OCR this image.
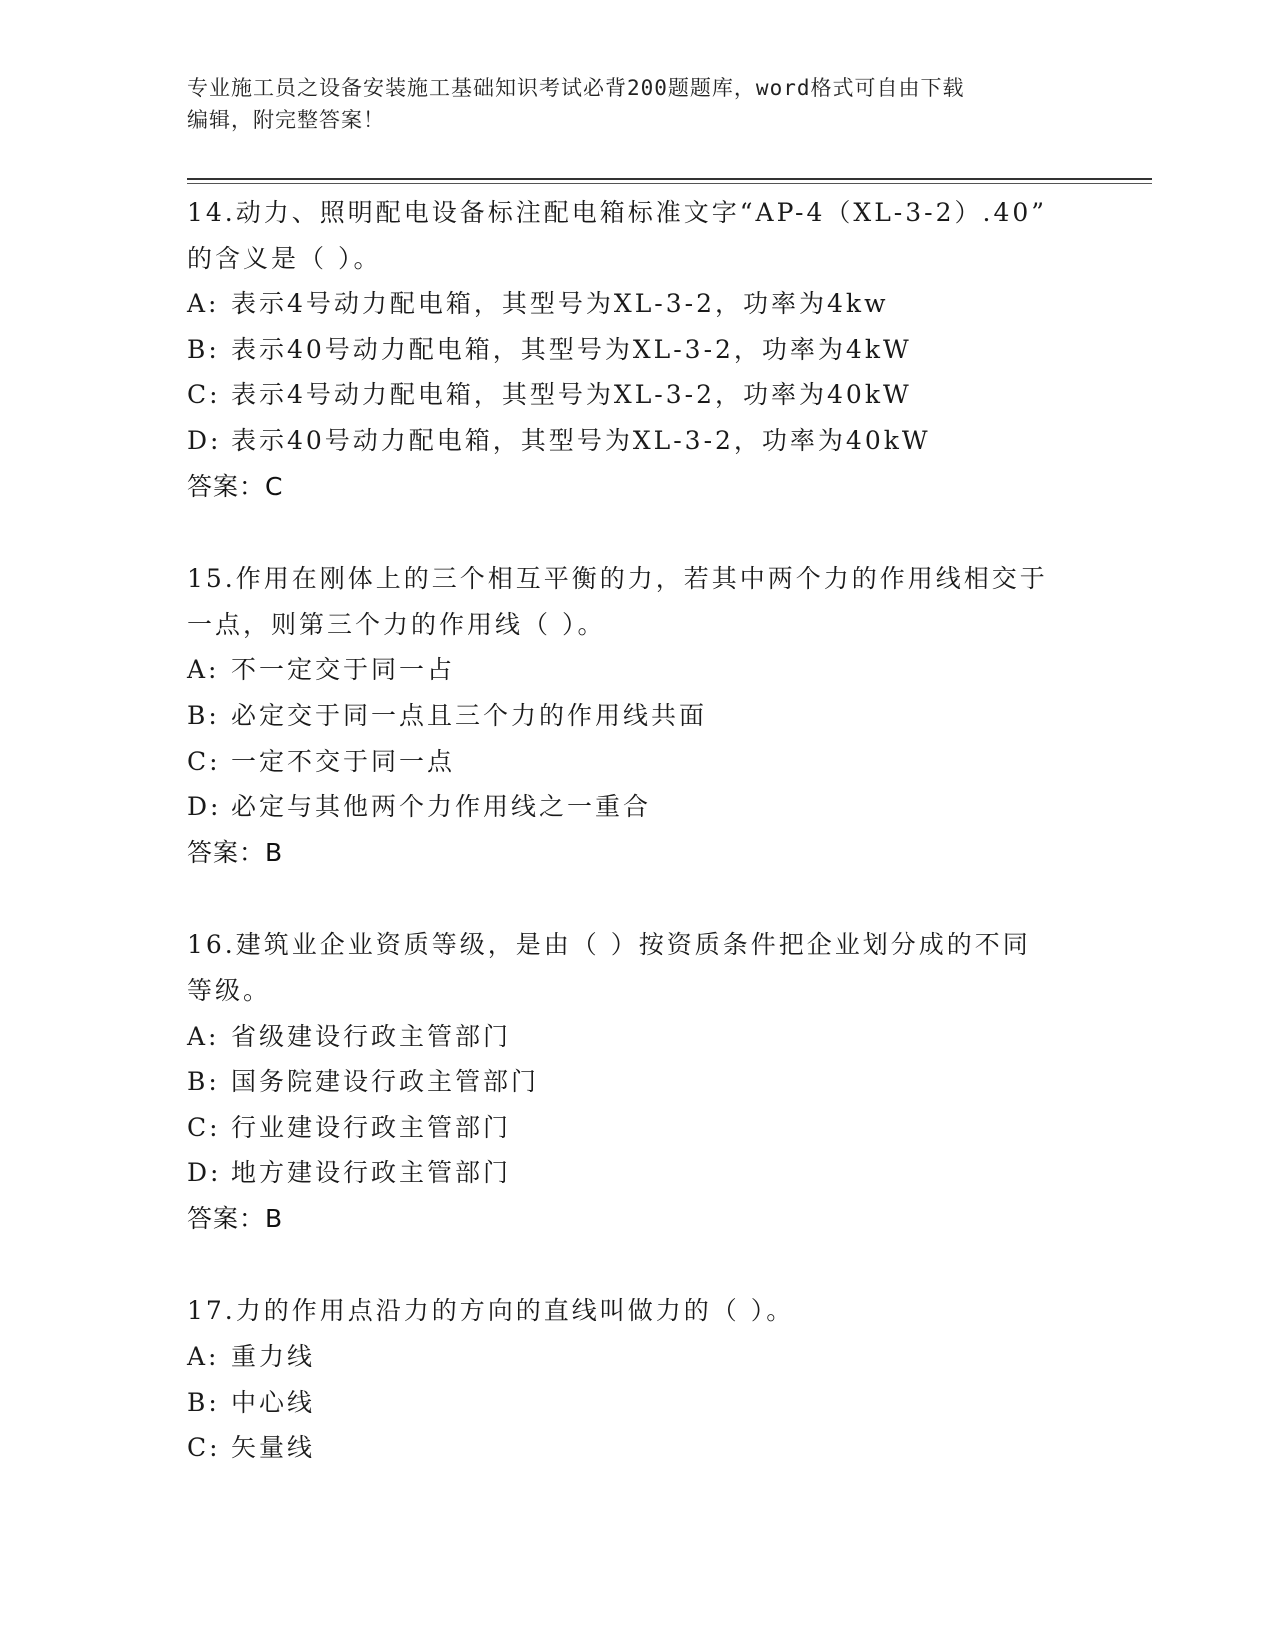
专业施工员之设备安装施工基础知识考试必背200题题库，word格式可自由下载
编辑，附完整答案！
14.动力、照明配电设备标注配电箱标准文字“AP-4（XL-3-2）.40”
的含义是（ ）。
A: 表示4号动力配电箱，其型号为XL-3-2，功率为4kw
B: 表示40号动力配电箱，其型号为XL-3-2，功率为4kW
C: 表示4号动力配电箱，其型号为XL-3-2，功率为40kW
D: 表示40号动力配电箱，其型号为XL-3-2，功率为40kW
答案：C
15.作用在刚体上的三个相互平衡的力，若其中两个力的作用线相交于
一点，则第三个力的作用线（ ）。
A: 不一定交于同一占
B: 必定交于同一点且三个力的作用线共面
C: 一定不交于同一点
D: 必定与其他两个力作用线之一重合
答案：B
16.建筑业企业资质等级，是由（ ）按资质条件把企业划分成的不同
等级。
A: 省级建设行政主管部门
B: 国务院建设行政主管部门
C: 行业建设行政主管部门
D: 地方建设行政主管部门
答案：B
17.力的作用点沿力的方向的直线叫做力的（ ）。
A: 重力线
B: 中心线
C: 矢量线
